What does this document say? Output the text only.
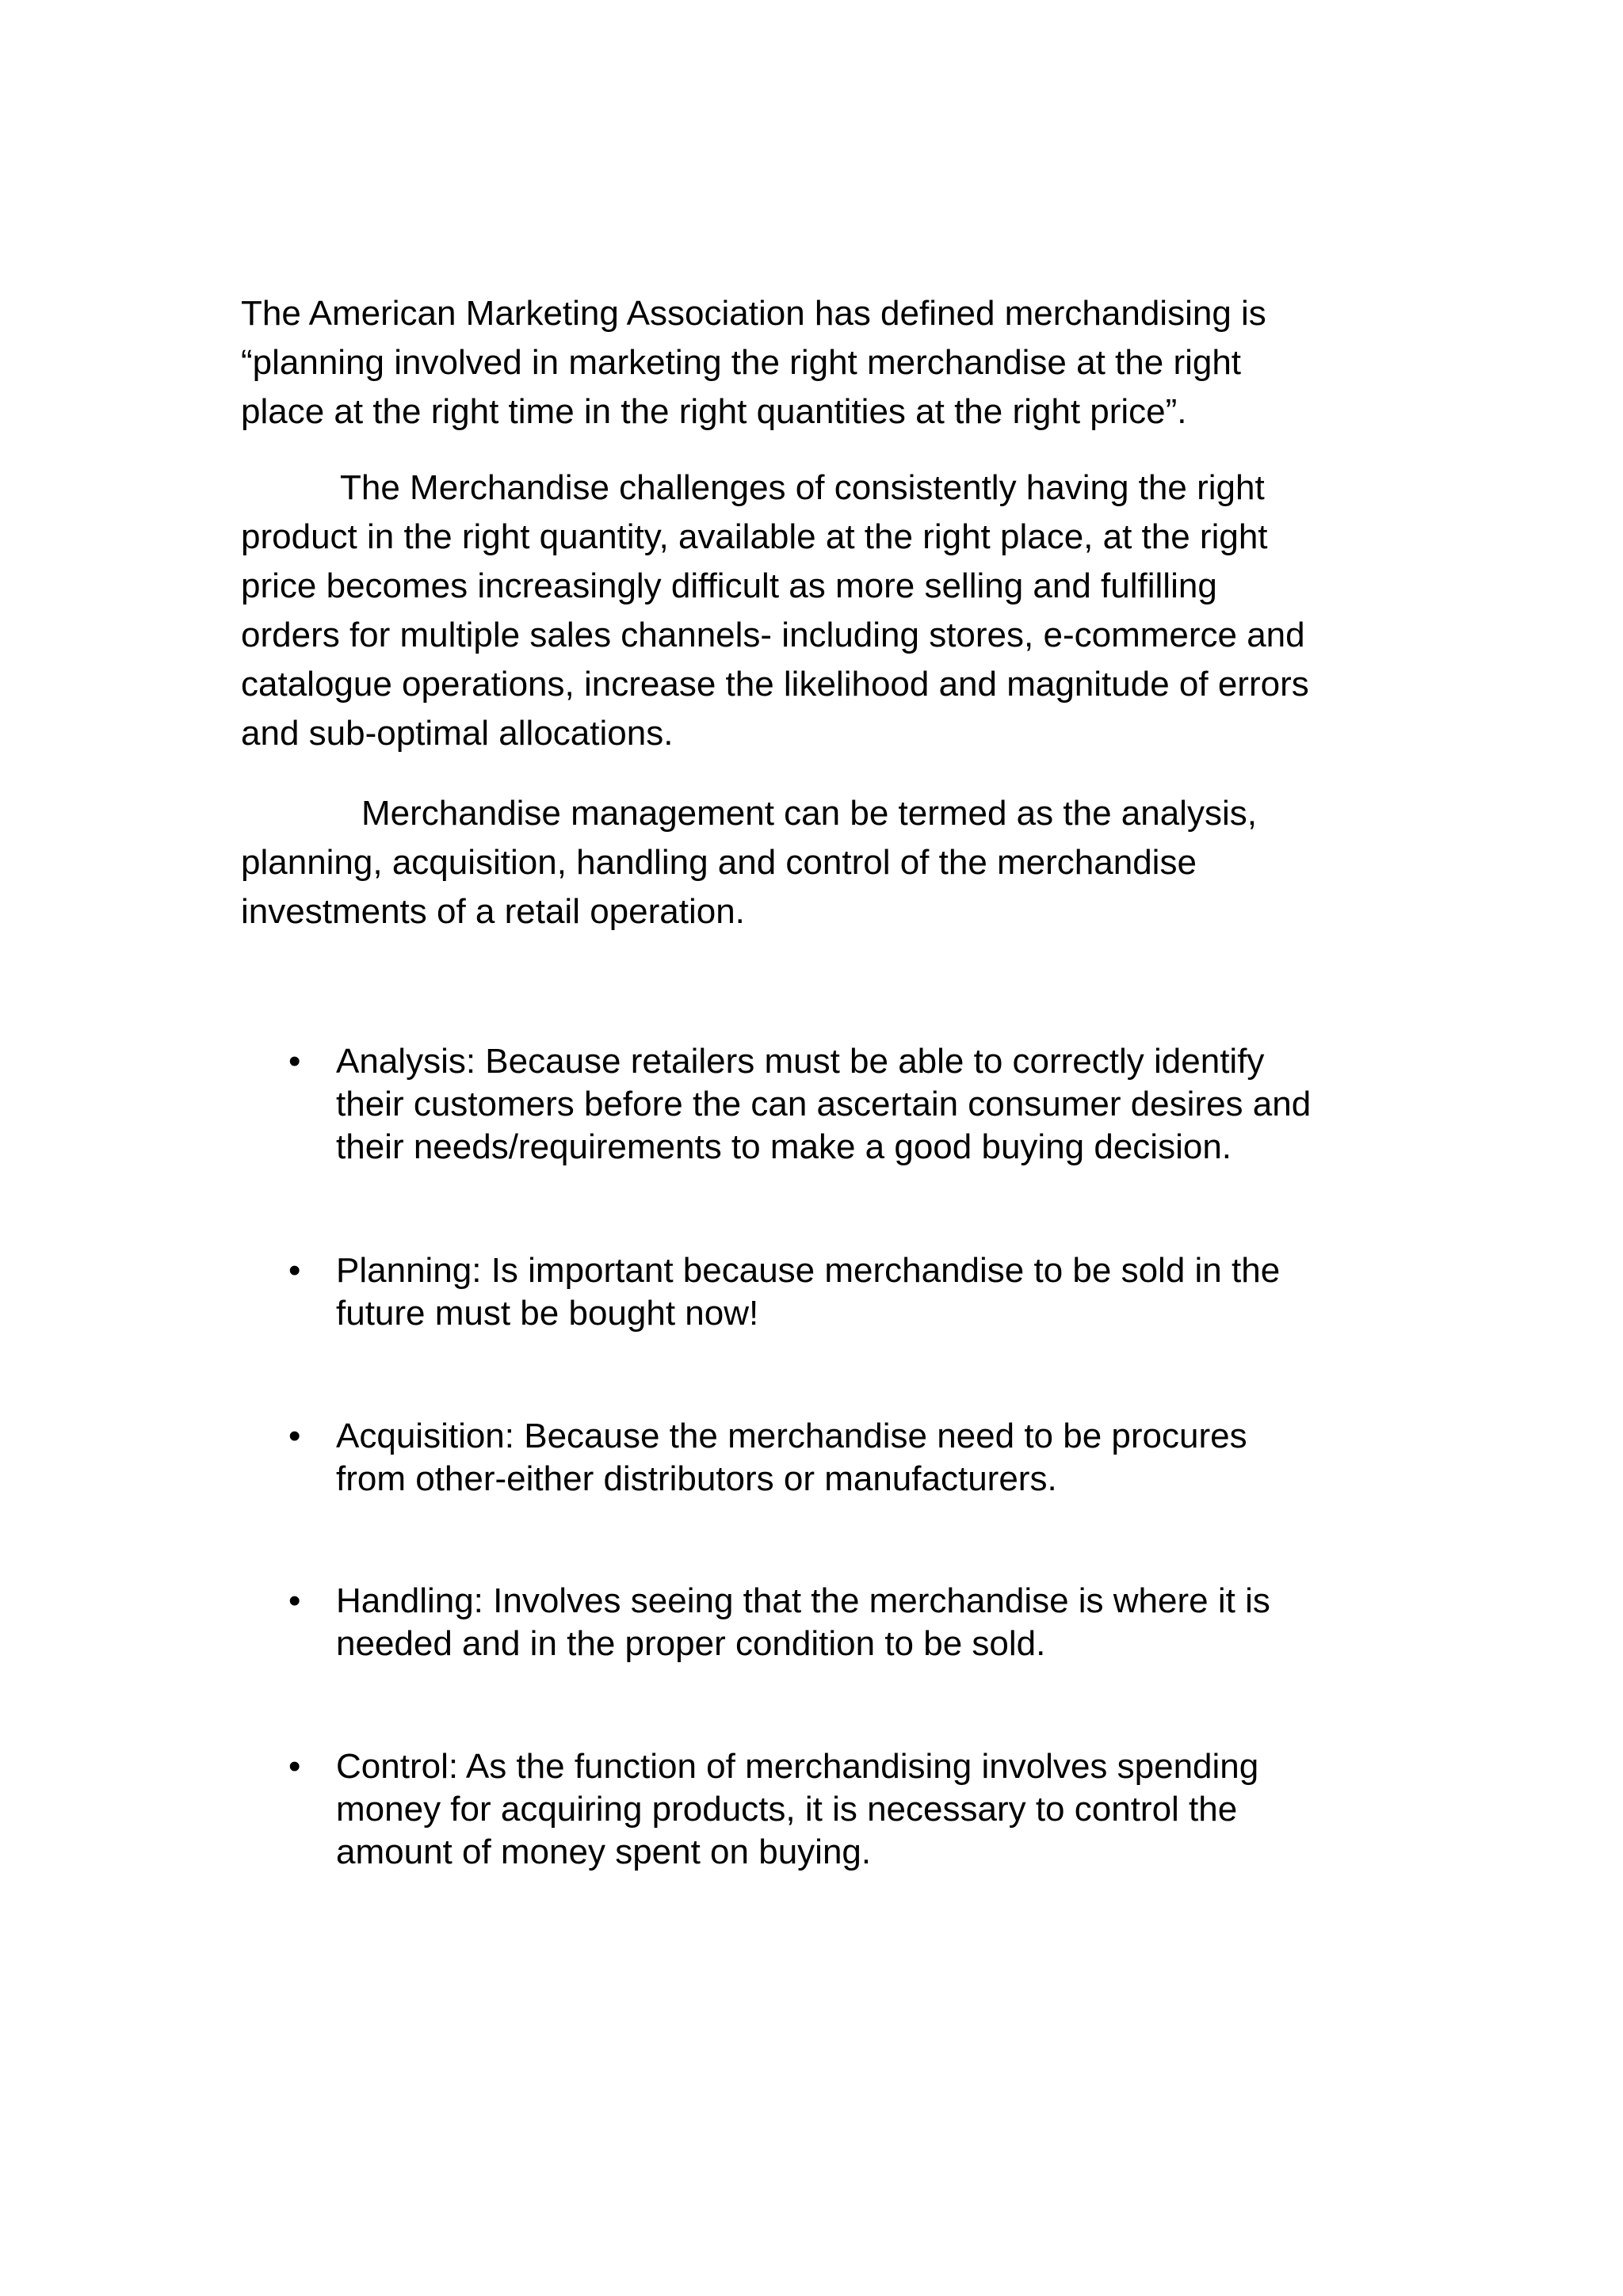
The American Marketing Association has defined merchandising is
“planning involved in marketing the right merchandise at the right
place at the right time in the right quantities at the right price”.

The Merchandise challenges of consistently having the right
product in the right quantity, available at the right place, at the right
price becomes increasingly difficult as more selling and fulfilling
orders for multiple sales channels- including stores, e-commerce and
catalogue operations, increase the likelihood and magnitude of errors
and sub-optimal allocations.

Merchandise management can be termed as the analysis,
planning, acquisition, handling and control of the merchandise
investments of a retail operation.

• Analysis: Because retailers must be able to correctly identify
their customers before the can ascertain consumer desires and
their needs/requirements to make a good buying decision.
• Planning: Is important because merchandise to be sold in the
future must be bought now!
• Acquisition: Because the merchandise need to be procures
from other-either distributors or manufacturers.
• Handling: Involves seeing that the merchandise is where it is
needed and in the proper condition to be sold.
• Control: As the function of merchandising involves spending
money for acquiring products, it is necessary to control the
amount of money spent on buying.
